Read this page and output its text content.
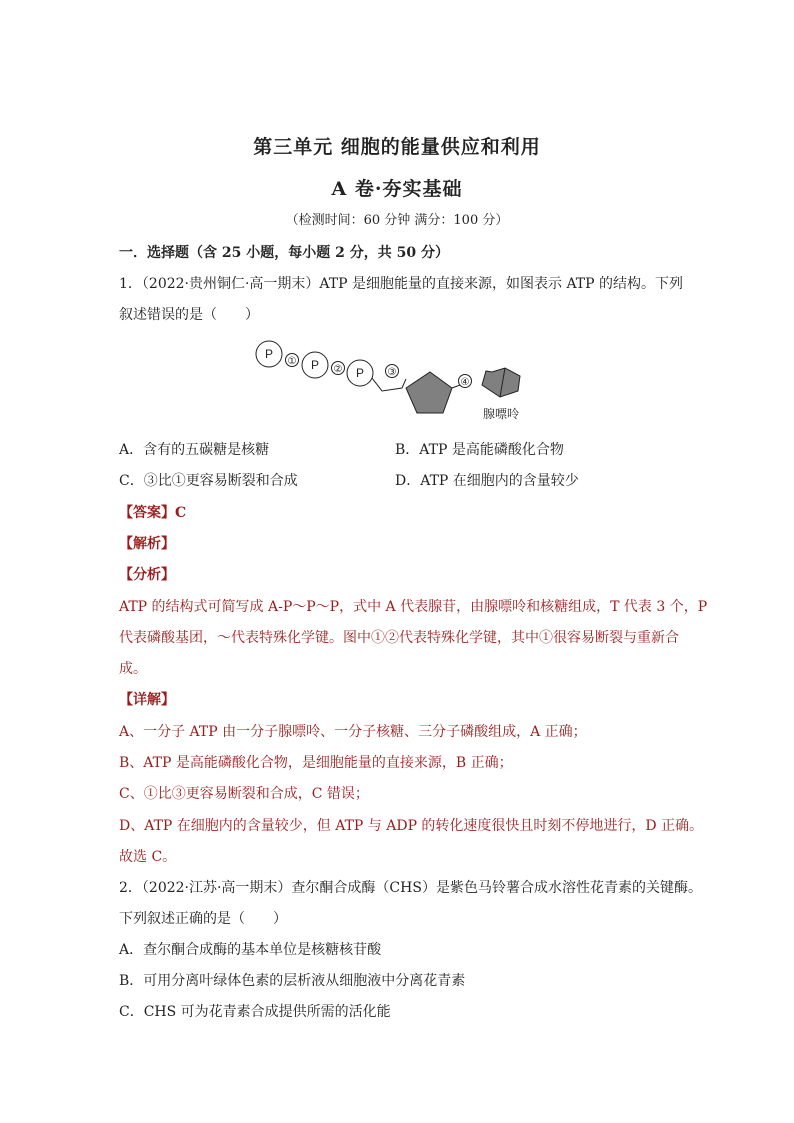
第三单元 细胞的能量供应和利用
A 卷·夯实基础
（检测时间：60 分钟 满分：100 分）
一．选择题（含 25 小题，每小题 2 分，共 50 分）
1．（2022·贵州铜仁·高一期末）ATP 是细胞能量的直接来源，如图表示 ATP 的结构。下列
叙述错误的是（　　）
P
P
P
①
②	③
④
腺嘌呤
A．含有的五碳糖是核糖	B．ATP 是高能磷酸化合物
C．③比①更容易断裂和合成	D．ATP 在细胞内的含量较少
【答案】C
【解析】
【分析】
ATP 的结构式可简写成 A-P～P～P，式中 A 代表腺苷，由腺嘌呤和核糖组成，T 代表 3 个，P
代表磷酸基团，～代表特殊化学键。图中①②代表特殊化学键，其中①很容易断裂与重新合
成。
【详解】
A、一分子 ATP 由一分子腺嘌呤、一分子核糖、三分子磷酸组成，A 正确；
B、ATP 是高能磷酸化合物，是细胞能量的直接来源，B 正确；
C、①比③更容易断裂和合成，C 错误；
D、ATP 在细胞内的含量较少，但 ATP 与 ADP 的转化速度很快且时刻不停地进行，D 正确。
故选 C。
2．（2022·江苏·高一期末）查尔酮合成酶（CHS）是紫色马铃薯合成水溶性花青素的关键酶。
下列叙述正确的是（　　）
A．查尔酮合成酶的基本单位是核糖核苷酸
B．可用分离叶绿体色素的层析液从细胞液中分离花青素
C．CHS 可为花青素合成提供所需的活化能
